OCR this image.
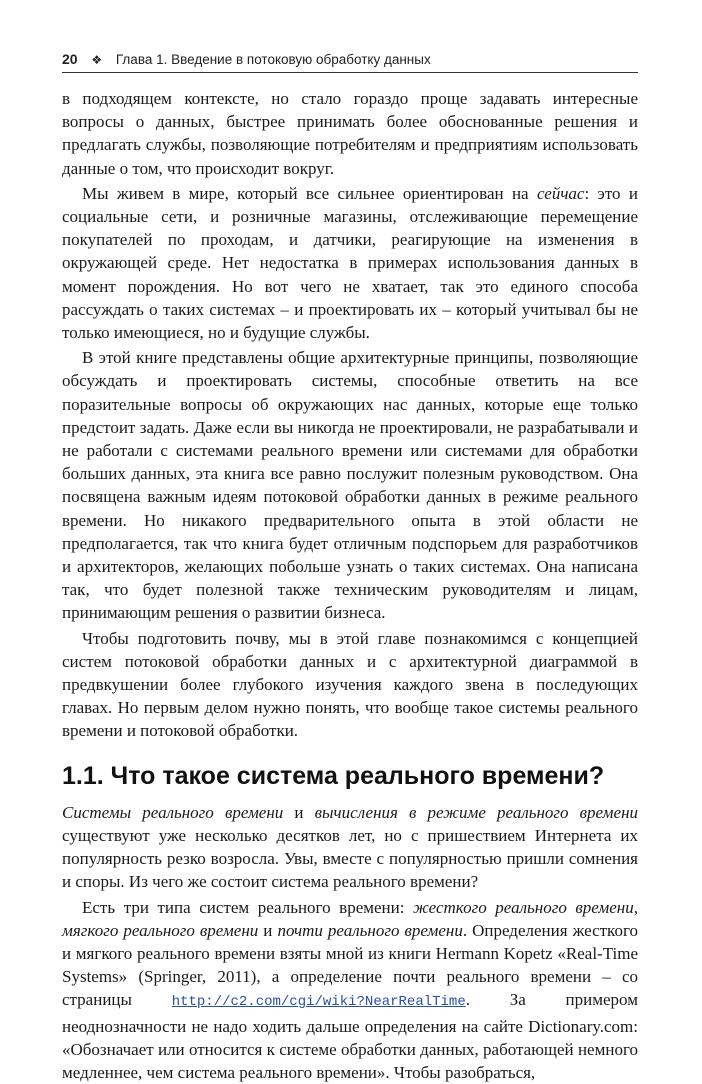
20 ❖ Глава 1. Введение в потоковую обработку данных

в подходящем контексте, но стало гораздо проще задавать интересные вопросы о данных, быстрее принимать более обоснованные решения и предлагать службы, позволяющие потребителям и предприятиям использовать данные о том, что происходит вокруг.

Мы живем в мире, который все сильнее ориентирован на сейчас: это и социальные сети, и розничные магазины, отслеживающие перемещение покупателей по проходам, и датчики, реагирующие на изменения в окружающей среде. Нет недостатка в примерах использования данных в момент порождения. Но вот чего не хватает, так это единого способа рассуждать о таких системах – и проектировать их – который учитывал бы не только имеющиеся, но и будущие службы.

В этой книге представлены общие архитектурные принципы, позволяющие обсуждать и проектировать системы, способные ответить на все поразительные вопросы об окружающих нас данных, которые еще только предстоит задать. Даже если вы никогда не проектировали, не разрабатывали и не работали с системами реального времени или системами для обработки больших данных, эта книга все равно послужит полезным руководством. Она посвящена важным идеям потоковой обработки данных в режиме реального времени. Но никакого предварительного опыта в этой области не предполагается, так что книга будет отличным подспорьем для разработчиков и архитекторов, желающих побольше узнать о таких системах. Она написана так, что будет полезной также техническим руководителям и лицам, принимающим решения о развитии бизнеса.

Чтобы подготовить почву, мы в этой главе познакомимся с концепцией систем потоковой обработки данных и с архитектурной диаграммой в предвкушении более глубокого изучения каждого звена в последующих главах. Но первым делом нужно понять, что вообще такое системы реального времени и потоковой обработки.

1.1. Что такое система реального времени?

Системы реального времени и вычисления в режиме реального времени существуют уже несколько десятков лет, но с пришествием Интернета их популярность резко возросла. Увы, вместе с популярностью пришли сомнения и споры. Из чего же состоит система реального времени?

Есть три типа систем реального времени: жесткого реального времени, мягкого реального времени и почти реального времени. Определения жесткого и мягкого реального времени взяты мной из книги Hermann Kopetz «Real-Time Systems» (Springer, 2011), а определение почти реального времени – со страницы http://c2.com/cgi/wiki?NearRealTime. За примером неоднозначности не надо ходить дальше определения на сайте Dictionary.com: «Обозначает или относится к системе обработки данных, работающей немного медленнее, чем система реального времени». Чтобы разобраться,
